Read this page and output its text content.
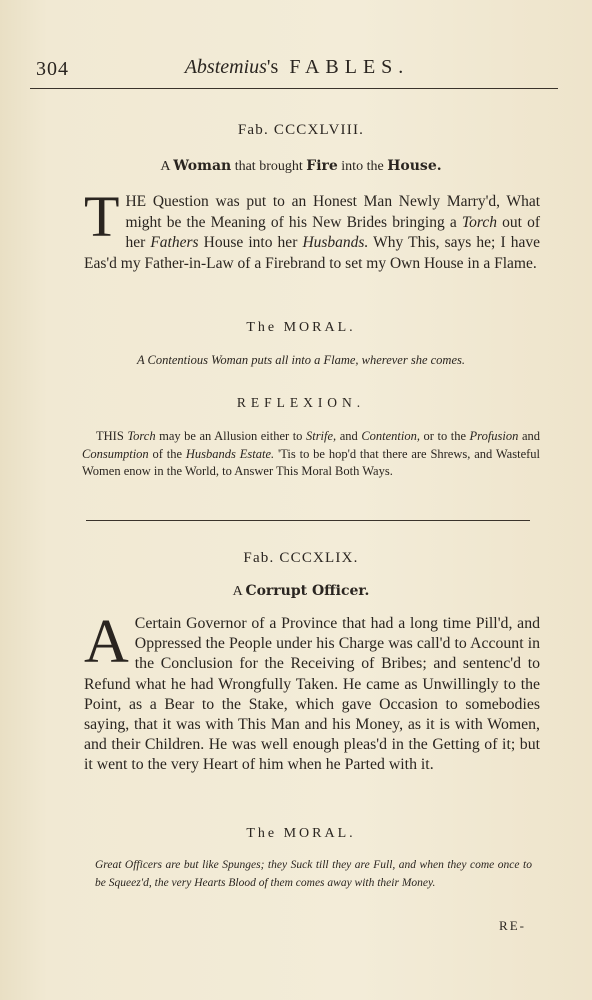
304	Abstemius's FABLES.
Fab. CCCXLVIII.
A Woman that brought Fire into the House.
THE Question was put to an Honest Man Newly Marry'd, What might be the Meaning of his New Brides bringing a Torch out of her Fathers House into her Husbands. Why This, says he; I have Eas'd my Father-in-Law of a Firebrand to set my Own House in a Flame.
The MORAL.
A Contentious Woman puts all into a Flame, wherever she comes.
REFLEXION.
THIS Torch may be an Allusion either to Strife, and Contention, or to the Profusion and Consumption of the Husbands Estate. 'Tis to be hop'd that there are Shrews, and Wasteful Women enow in the World, to Answer This Moral Both Ways.
Fab. CCCXLIX.
A Corrupt Officer.
A Certain Governor of a Province that had a long time Pill'd, and Oppressed the People under his Charge was call'd to Account in the Conclusion for the Receiving of Bribes; and sentenc'd to Refund what he had Wrongfully Taken. He came as Unwillingly to the Point, as a Bear to the Stake, which gave Occasion to somebodies saying, that it was with This Man and his Money, as it is with Women, and their Children. He was well enough pleas'd in the Getting of it; but it went to the very Heart of him when he Parted with it.
The MORAL.
Great Officers are but like Spunges; they Suck till they are Full, and when they come once to be Squeez'd, the very Hearts Blood of them comes away with their Money.
RE-
